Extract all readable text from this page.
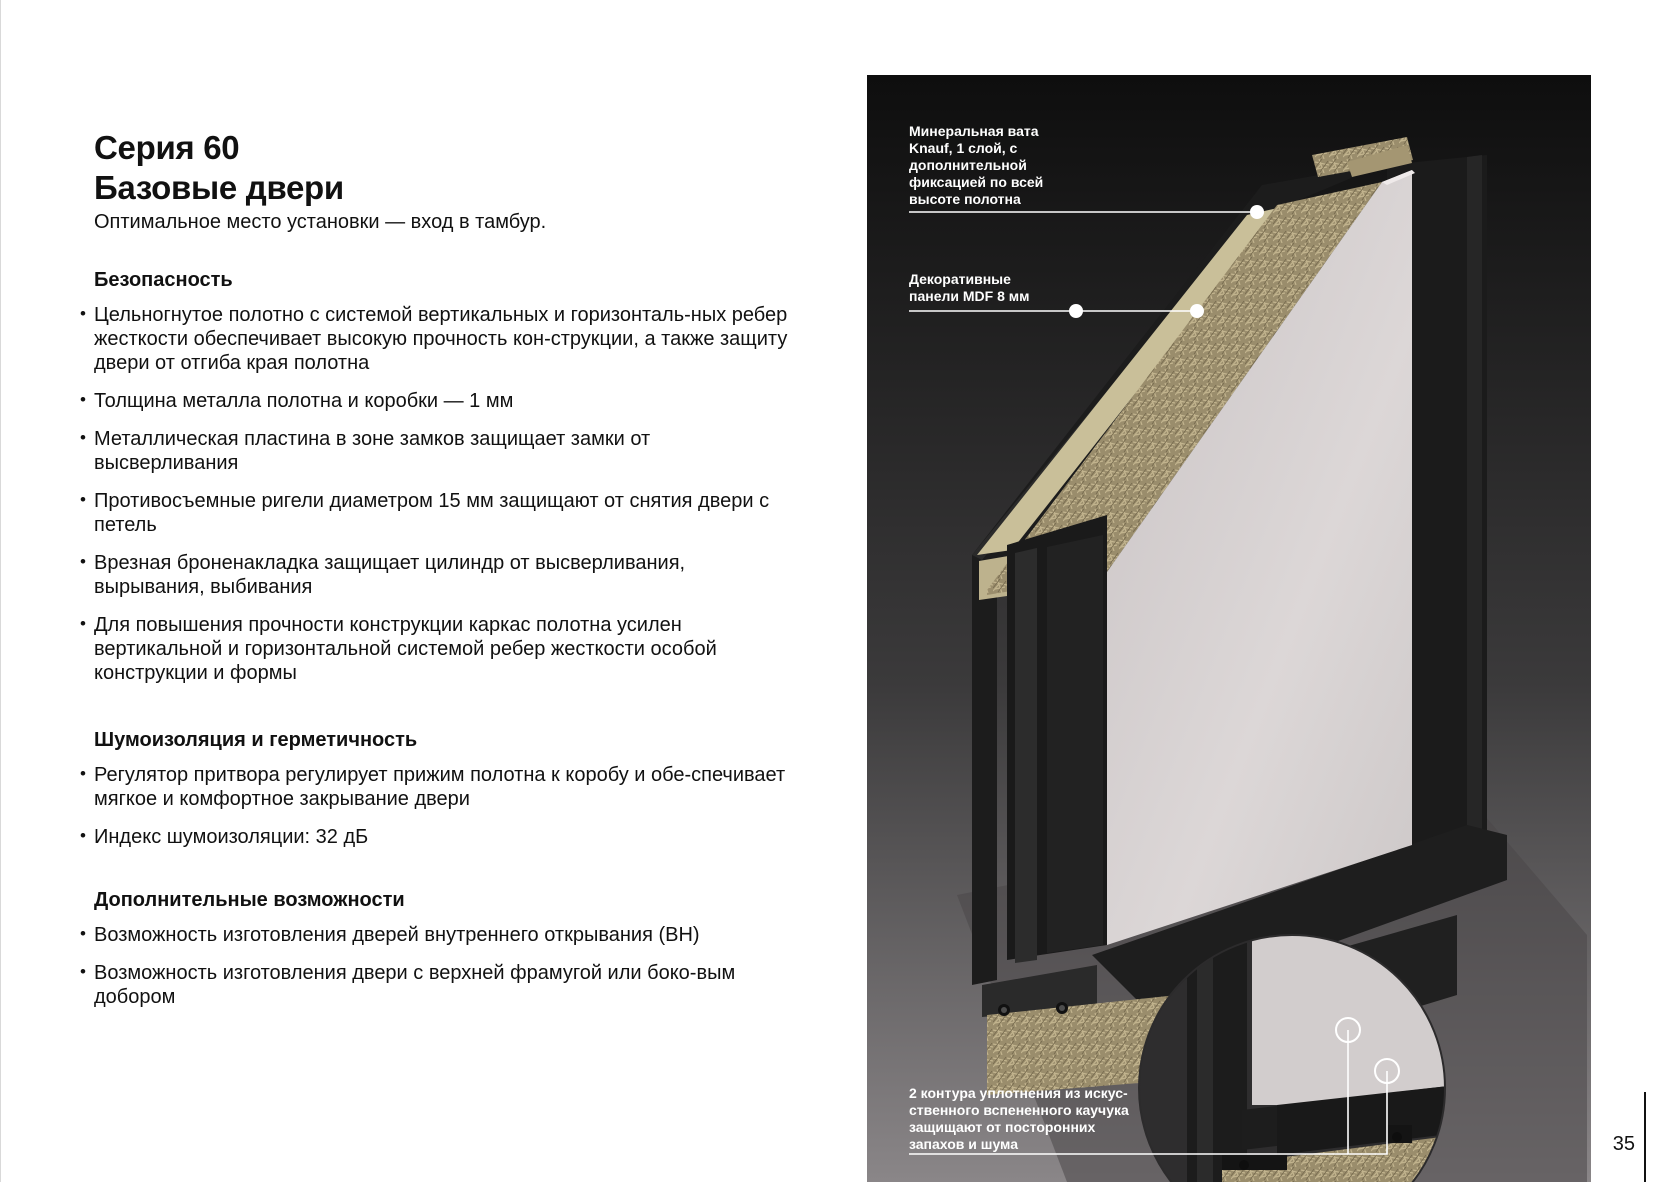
Серия 60
Базовые двери
Оптимальное место установки — вход в тамбур.
Безопасность
• Цельногнутое полотно с системой вертикальных и горизонталь-ных ребер жесткости обеспечивает высокую прочность кон-струкции, а также защиту двери от отгиба края полотна
• Толщина металла полотна и коробки — 1 мм
• Металлическая пластина в зоне замков защищает замки от высверливания
• Противосъемные ригели диаметром 15 мм защищают от снятия двери с петель
• Врезная броненакладка защищает цилиндр от высверливания, вырывания, выбивания
• Для повышения прочности конструкции каркас полотна усилен вертикальной и горизонтальной системой ребер жесткости особой конструкции и формы
Шумоизоляция и герметичность
• Регулятор притвора регулирует прижим полотна к коробу и обе-спечивает мягкое и комфортное закрывание двери
• Индекс шумоизоляции: 32 дБ
Дополнительные возможности
• Возможность изготовления дверей внутреннего открывания (ВН)
• Возможность изготовления двери с верхней фрамугой или боко-вым добором
Минеральная вата
Knauf, 1 слой, с
дополнительной
фиксацией по всей
высоте полотна
Декоративные
панели MDF 8 мм
2 контура уплотнения из искус-
ственного вспененного каучука
защищают от посторонних
запахов и шума	35
